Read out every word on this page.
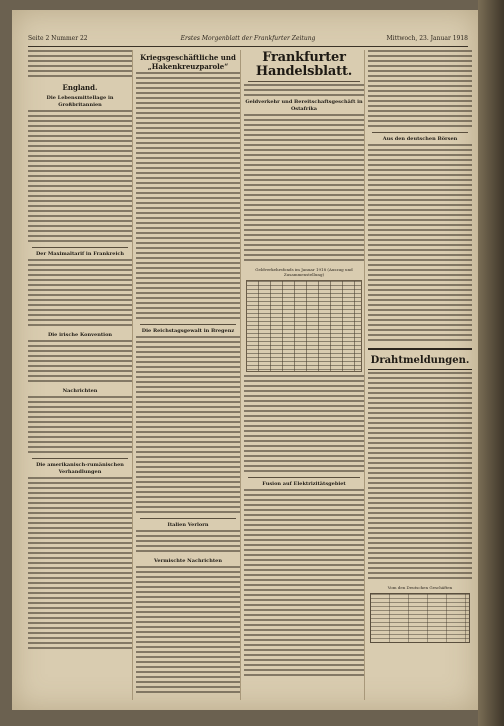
Seite 2 Nummer 22	Erstes Morgenblatt der Frankfurter Zeitung	Mittwoch, 23. Januar 1918
England.
Die Lebensmittellage in Großbritannien
Der Maximaltarif in Frankreich
Die irische Konvention
Nachrichten
Die amerikanisch-rumänischen Verhandlungen
Kriegsgeschäftliche und „Hakenkreuzparole“
Die Reichstagsgewalt in Bregenz
Italien Verlorn
Vermischte Nachrichten
Frankfurter Handelsblatt.
Geldverkehr und Bereitschaftsgeschäft in Ostafrika
Geldverkehrsfonds im Januar 1918 (Auszug und Zusammenstellung)
Fusion auf Elektrizitätsgebiet
Aus den deutschen Börsen
Drahtmeldungen.
Vom den Deutschen Geschäften
